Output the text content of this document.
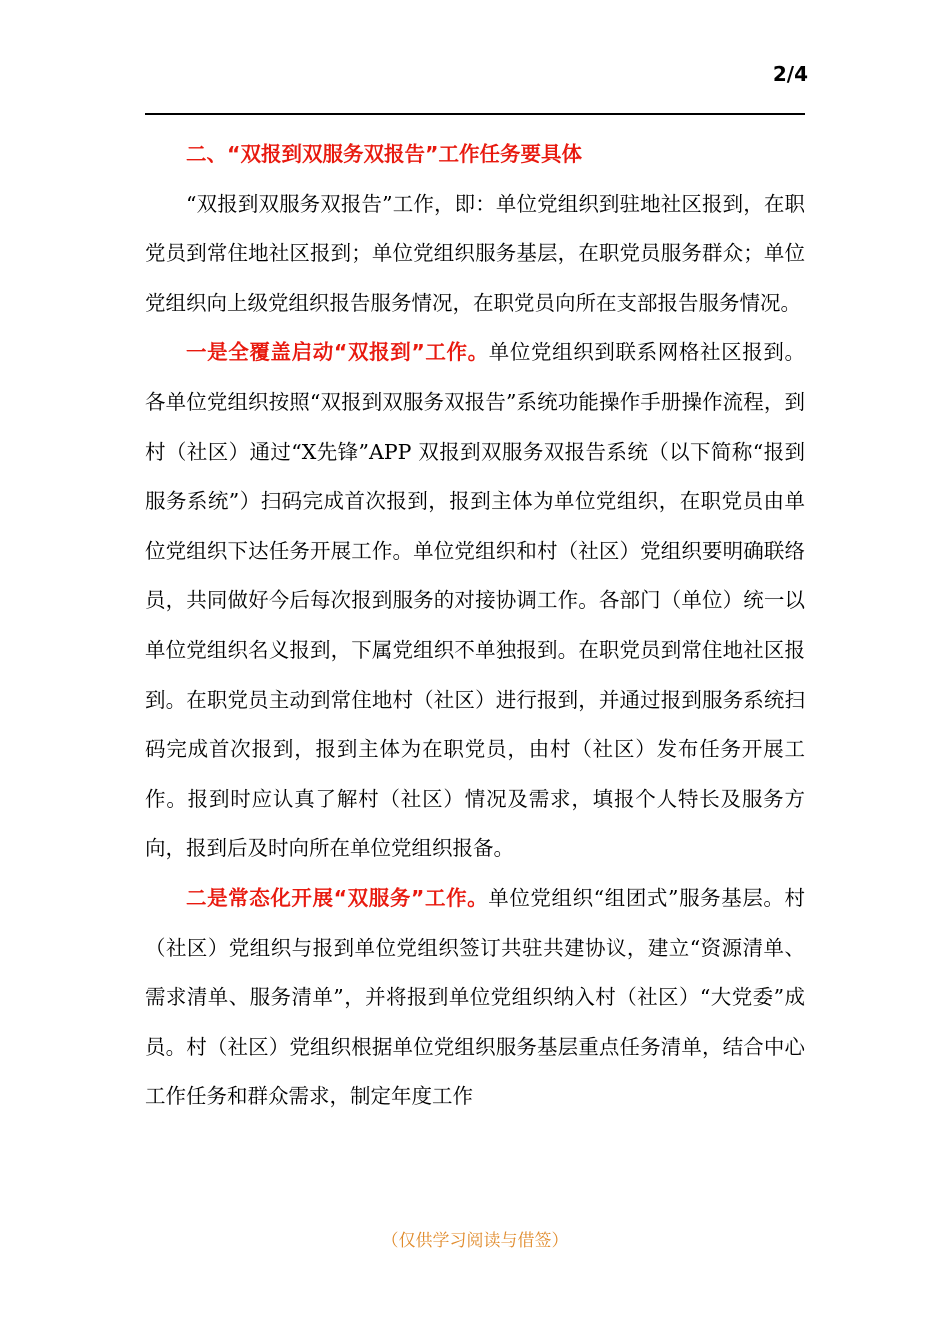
2/4

二、“双报到双服务双报告”工作任务要具体

“双报到双服务双报告”工作，即：单位党组织到驻地社区报到，在职党员到常住地社区报到；单位党组织服务基层，在职党员服务群众；单位党组织向上级党组织报告服务情况，在职党员向所在支部报告服务情况。

一是全覆盖启动“双报到”工作。单位党组织到联系网格社区报到。各单位党组织按照“双报到双服务双报告”系统功能操作手册操作流程，到村（社区）通过“X先锋”APP 双报到双服务双报告系统（以下简称“报到服务系统”）扫码完成首次报到，报到主体为单位党组织，在职党员由单位党组织下达任务开展工作。单位党组织和村（社区）党组织要明确联络员，共同做好今后每次报到服务的对接协调工作。各部门（单位）统一以单位党组织名义报到，下属党组织不单独报到。在职党员到常住地社区报到。在职党员主动到常住地村（社区）进行报到，并通过报到服务系统扫码完成首次报到，报到主体为在职党员，由村（社区）发布任务开展工作。报到时应认真了解村（社区）情况及需求，填报个人特长及服务方向，报到后及时向所在单位党组织报备。

二是常态化开展“双服务”工作。单位党组织“组团式”服务基层。村（社区）党组织与报到单位党组织签订共驻共建协议，建立“资源清单、需求清单、服务清单”，并将报到单位党组织纳入村（社区）“大党委”成员。村（社区）党组织根据单位党组织服务基层重点任务清单，结合中心工作任务和群众需求，制定年度工作

（仅供学习阅读与借签）
